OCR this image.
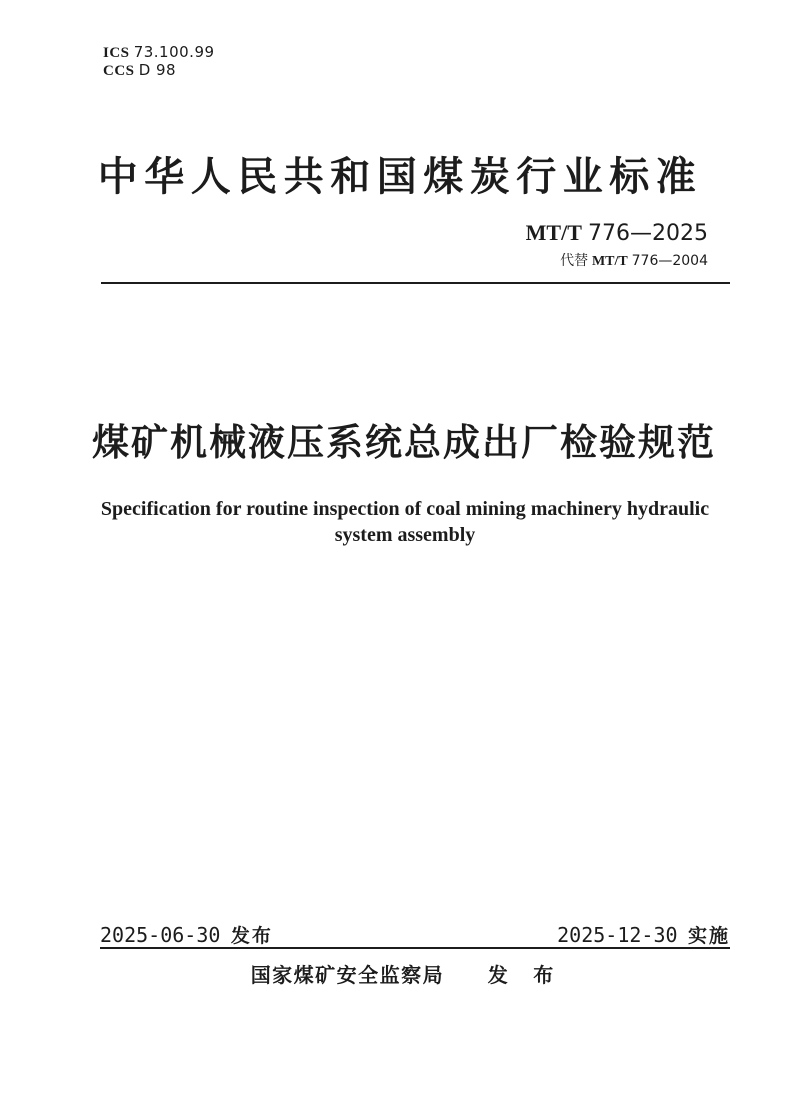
ICS 73.100.99
CCS D 98
中华人民共和国煤炭行业标准
MT/T 776—2025
代替 MT/T 776—2004
煤矿机械液压系统总成出厂检验规范
Specification for routine inspection of coal mining machinery hydraulic
system assembly
2025-06-30 发布	2025-12-30 实施
国家煤矿安全监察局 发 布
